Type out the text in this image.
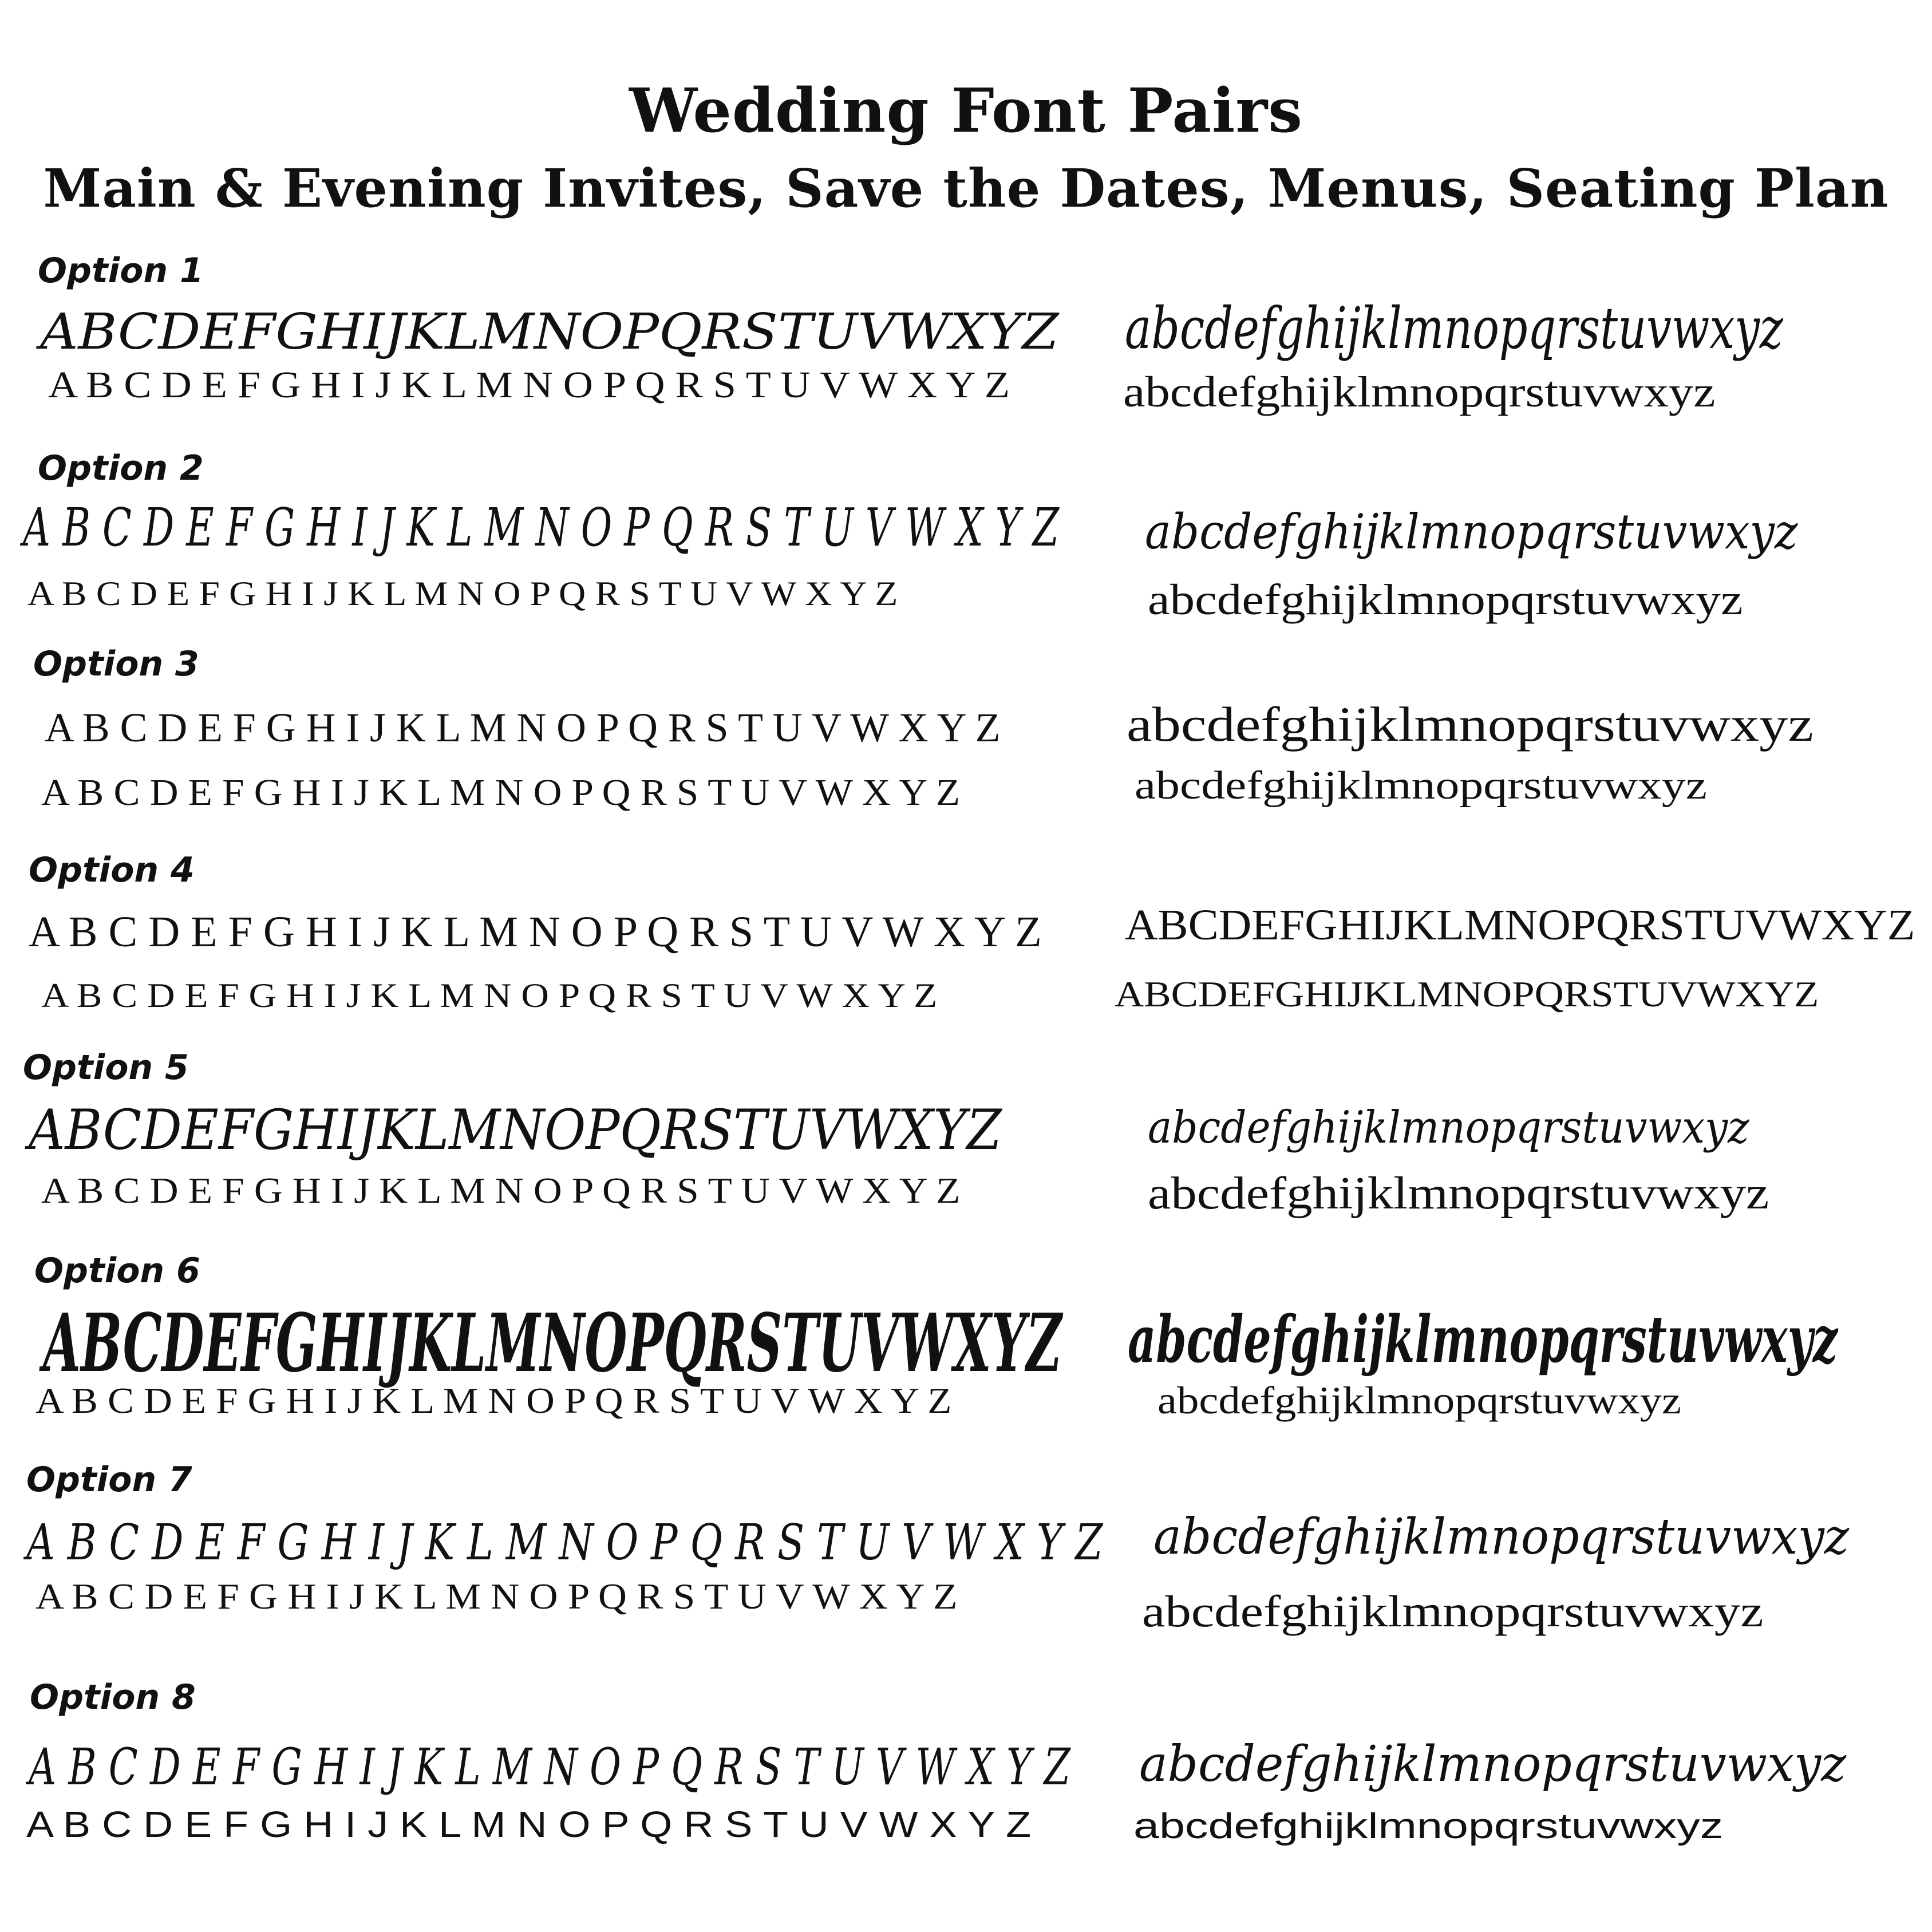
Wedding Font Pairs
Main & Evening Invites, Save the Dates, Menus, Seating Plan
Option 1
ABCDEFGHIJKLMNOPQRSTUVWXYZ
A B C D E F G H I J K L M N O P Q R S T U V W X Y Z
abcdefghijklmnopqrstuvwxyz
abcdefghijklmnopqrstuvwxyz
Option 2
A B C D E F G H I J K L M N O P Q R S T U V W X Y Z
A B C D E F G H I J K L M N O P Q R S T U V W X Y Z
abcdefghijklmnopqrstuvwxyz
abcdefghijklmnopqrstuvwxyz
Option 3
A B C D E F G H I J K L M N O P Q R S T U V W X Y Z
A B C D E F G H I J K L M N O P Q R S T U V W X Y Z
abcdefghijklmnopqrstuvwxyz
abcdefghijklmnopqrstuvwxyz
Option 4
A B C D E F G H I J K L M N O P Q R S T U V W X Y Z
A B C D E F G H I J K L M N O P Q R S T U V W X Y Z
ABCDEFGHIJKLMNOPQRSTUVWXYZ
ABCDEFGHIJKLMNOPQRSTUVWXYZ
Option 5
ABCDEFGHIJKLMNOPQRSTUVWXYZ
A B C D E F G H I J K L M N O P Q R S T U V W X Y Z
abcdefghijklmnopqrstuvwxyz
abcdefghijklmnopqrstuvwxyz
Option 6
ABCDEFGHIJKLMNOPQRSTUVWXYZ
A B C D E F G H I J K L M N O P Q R S T U V W X Y Z
abcdefghijklmnopqrstuvwxyz
abcdefghijklmnopqrstuvwxyz
Option 7
A B C D E F G H I J K L M N O P Q R S T U V W X Y Z
A B C D E F G H I J K L M N O P Q R S T U V W X Y Z
abcdefghijklmnopqrstuvwxyz
abcdefghijklmnopqrstuvwxyz
Option 8
A B C D E F G H I J K L M N O P Q R S T U V W X Y Z
A B C D E F G H I J K L M N O P Q R S T U V W X Y Z
abcdefghijklmnopqrstuvwxyz
abcdefghijklmnopqrstuvwxyz
